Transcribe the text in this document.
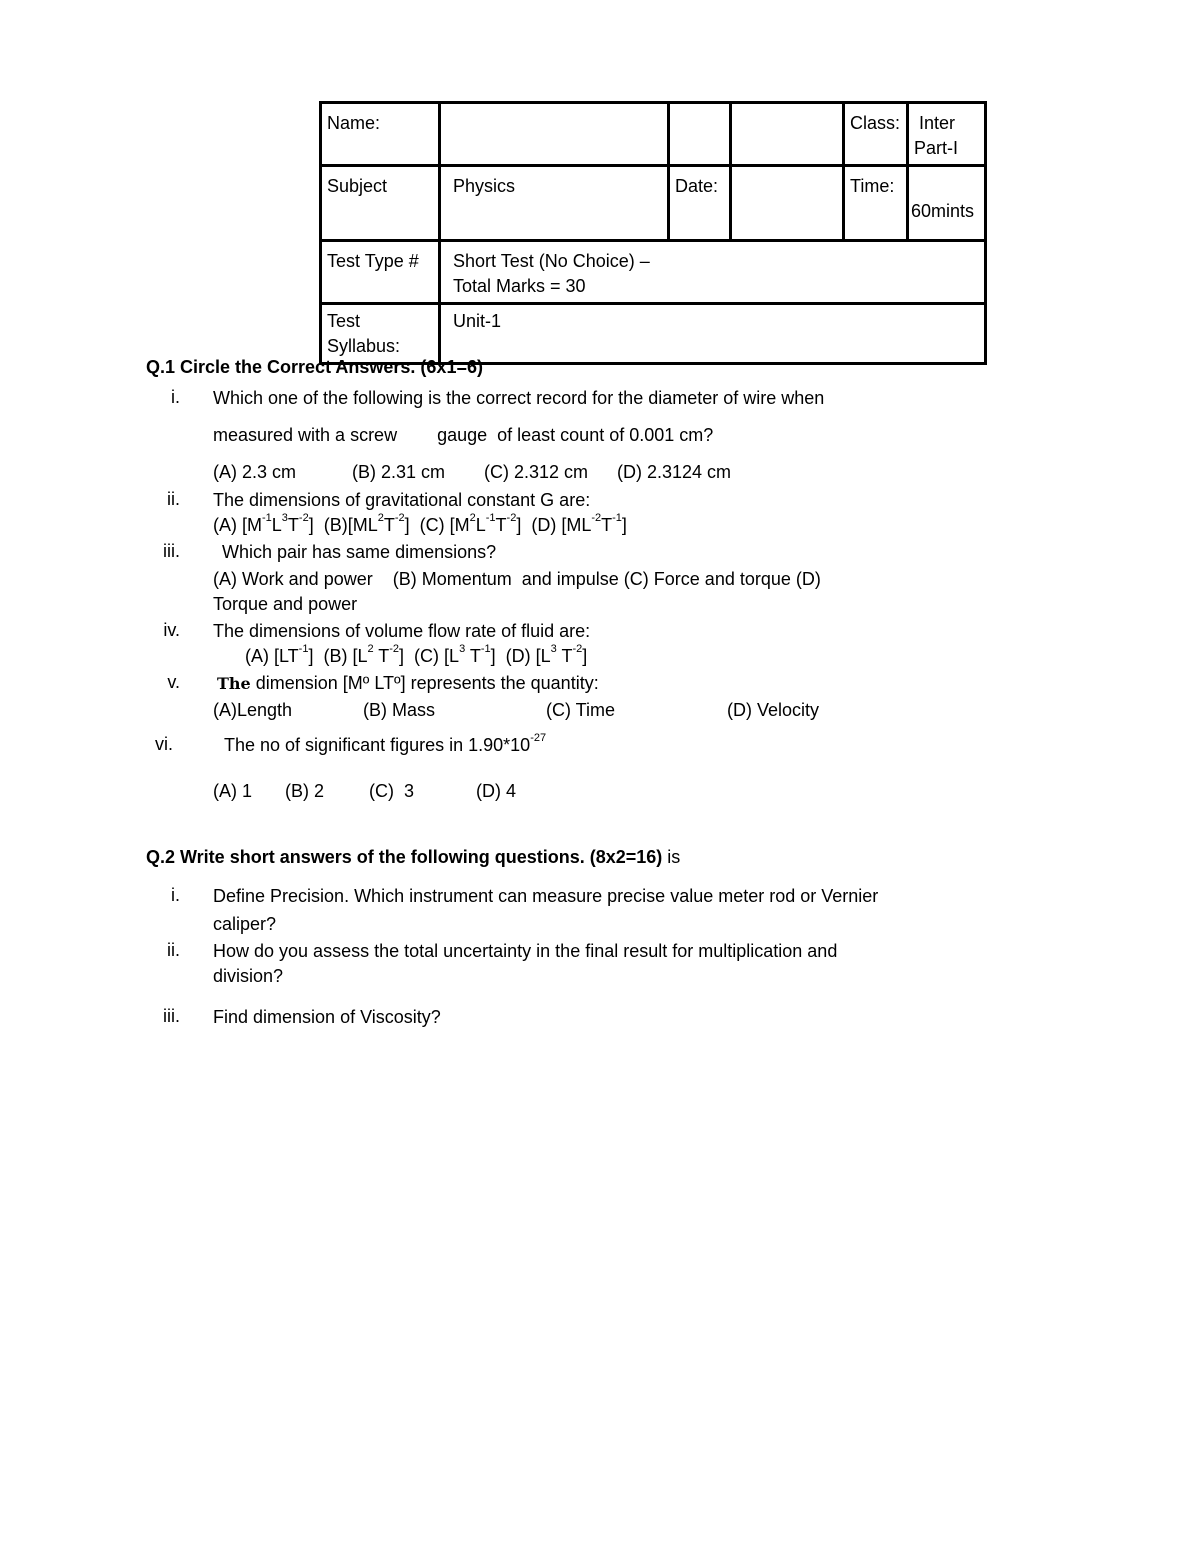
Name:				Class:	Inter
Part-I
Subject	Physics	Date:		Time:	60mints
Test Type #	Short Test (No Choice) –
Total Marks = 30				
Test
Syllabus:	Unit-1				
Q.1 Circle the Correct Answers. (6x1=6)
i. Which one of the following is the correct record for the diameter of wire when
measured with a screw        gauge  of least count of 0.001 cm?
(A) 2.3 cm	(B) 2.31 cm (C) 2.312 cm (D) 2.3124 cm
ii. The dimensions of gravitational constant G are:
(A) $[M^{-1}L^3T^{-2}]$  $(B)[ML^2T^{-2}]$  (C) $[M^2L^{-1}T^{-2}]$  (D) $[ML^{-2}T^{-1}]$
iii. Which pair has same dimensions?
(A) Work and power    (B) Momentum  and impulse (C) Force and torque (D)
Torque and power
iv. The dimensions of volume flow rate of fluid are:
(A) $[LT^{-1}]$  (B) [$L^2$ $T^{-2}$]  (C) [$L^3$ $T^{-1}$]  (D) [$L^3$ $T^{-2}$]
v. The dimension [Mº LTº] represents the quantity:
(A)Length	(B) Mass	(C) Time	(D) Velocity
vi.	The no of significant figures in $1.90*10^{-27}$
(A) 1 (B) 2 (C)  3	(D) 4
Q.2 Write short answers of the following questions. (8x2=16) is
i. Define Precision. Which instrument can measure precise value meter rod or Vernier
caliper?
ii. How do you assess the total uncertainty in the final result for multiplication and
division?
iii. Find dimension of Viscosity?
